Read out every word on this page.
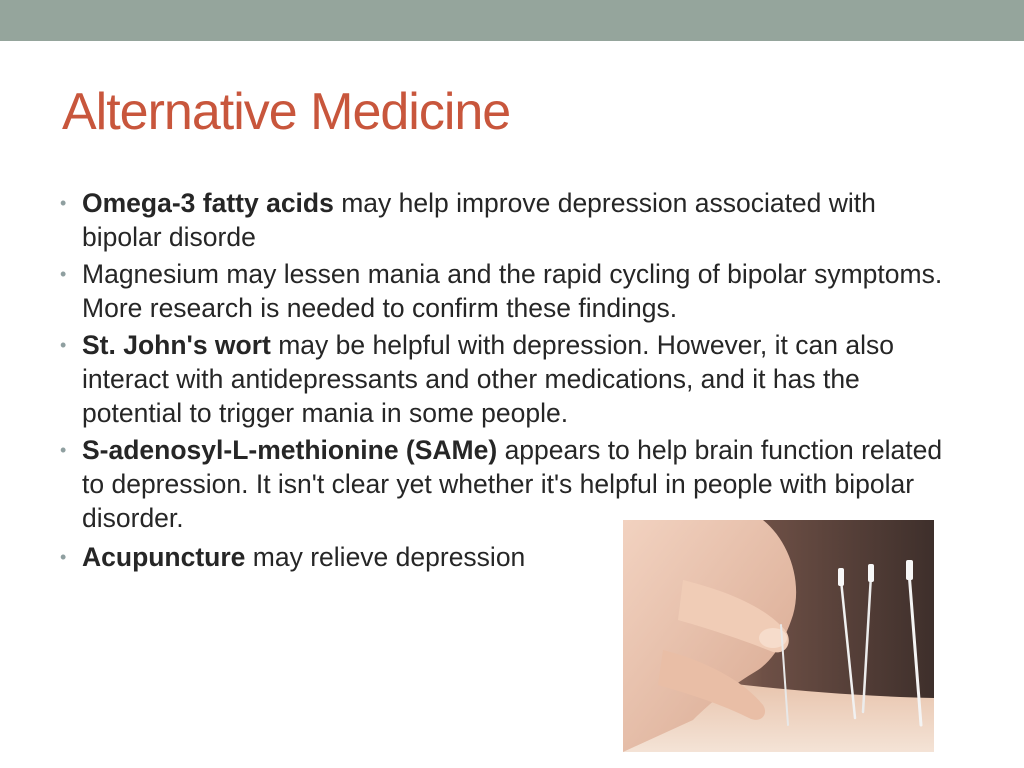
Alternative Medicine
• Omega-3 fatty acids may help improve depression associated with bipolar disorde
• Magnesium may lessen mania and the rapid cycling of bipolar symptoms. More research is needed to confirm these findings.
• St. John's wort may be helpful with depression. However, it can also interact with antidepressants and other medications, and it has the potential to trigger mania in some people.
• S-adenosyl-L-methionine (SAMe) appears to help brain function related to depression. It isn't clear yet whether it's helpful in people with bipolar disorder.
• Acupuncture may relieve depression
